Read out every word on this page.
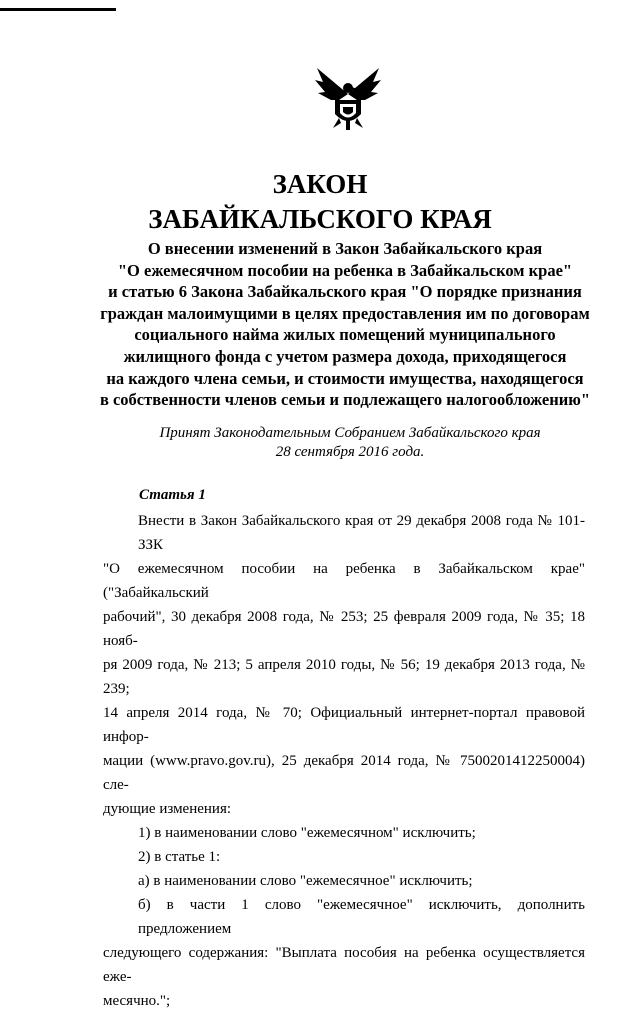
ЗАКОН
ЗАБАЙКАЛЬСКОГО КРАЯ
О внесении изменений в Закон Забайкальского края
"О ежемесячном пособии на ребенка в Забайкальском крае"
и статью 6 Закона Забайкальского края "О порядке признания
граждан малоимущими в целях предоставления им по договорам
социального найма жилых помещений муниципального
жилищного фонда с учетом размера дохода, приходящегося
на каждого члена семьи, и стоимости имущества, находящегося
в собственности членов семьи и подлежащего налогообложению"
Принят Законодательным Собранием Забайкальского края
28 сентября 2016 года.
Статья 1
Внести в Закон Забайкальского края от 29 декабря 2008 года № 101-ЗЗК
"О ежемесячном пособии на ребенка в Забайкальском крае" ("Забайкальский
рабочий", 30 декабря 2008 года, № 253; 25 февраля 2009 года, № 35; 18 нояб-
ря 2009 года, № 213; 5 апреля 2010 годы, № 56; 19 декабря 2013 года, № 239;
14 апреля 2014 года, № 70; Официальный интернет-портал правовой инфор-
мации (www.pravo.gov.ru), 25 декабря 2014 года, № 7500201412250004) сле-
дующие изменения:
1) в наименовании слово "ежемесячном" исключить;
2) в статье 1:
а) в наименовании слово "ежемесячное" исключить;
б) в части 1 слово "ежемесячное" исключить, дополнить предложением
следующего содержания: "Выплата пособия на ребенка осуществляется еже-
месячно.";
